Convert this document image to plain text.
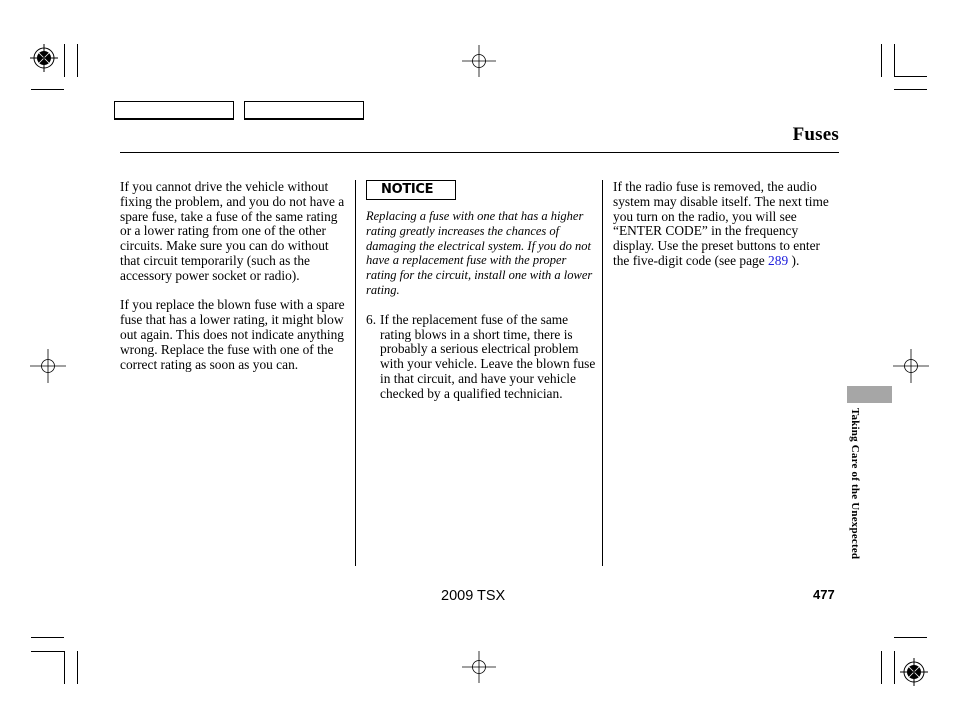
Fuses

If you cannot drive the vehicle without fixing the problem, and you do not have a spare fuse, take a fuse of the same rating or a lower rating from one of the other circuits. Make sure you can do without that circuit temporarily (such as the accessory power socket or radio).

If you replace the blown fuse with a spare fuse that has a lower rating, it might blow out again. This does not indicate anything wrong. Replace the fuse with one of the correct rating as soon as you can.

NOTICE
Replacing a fuse with one that has a higher rating greatly increases the chances of damaging the electrical system. If you do not have a replacement fuse with the proper rating for the circuit, install one with a lower rating.
6. If the replacement fuse of the same rating blows in a short time, there is probably a serious electrical problem with your vehicle. Leave the blown fuse in that circuit, and have your vehicle checked by a qualified technician.

If the radio fuse is removed, the audio system may disable itself. The next time you turn on the radio, you will see “ENTER CODE” in the frequency display. Use the preset buttons to enter the five-digit code (see page 289 ).

Taking Care of the Unexpected
2009 TSX	477
